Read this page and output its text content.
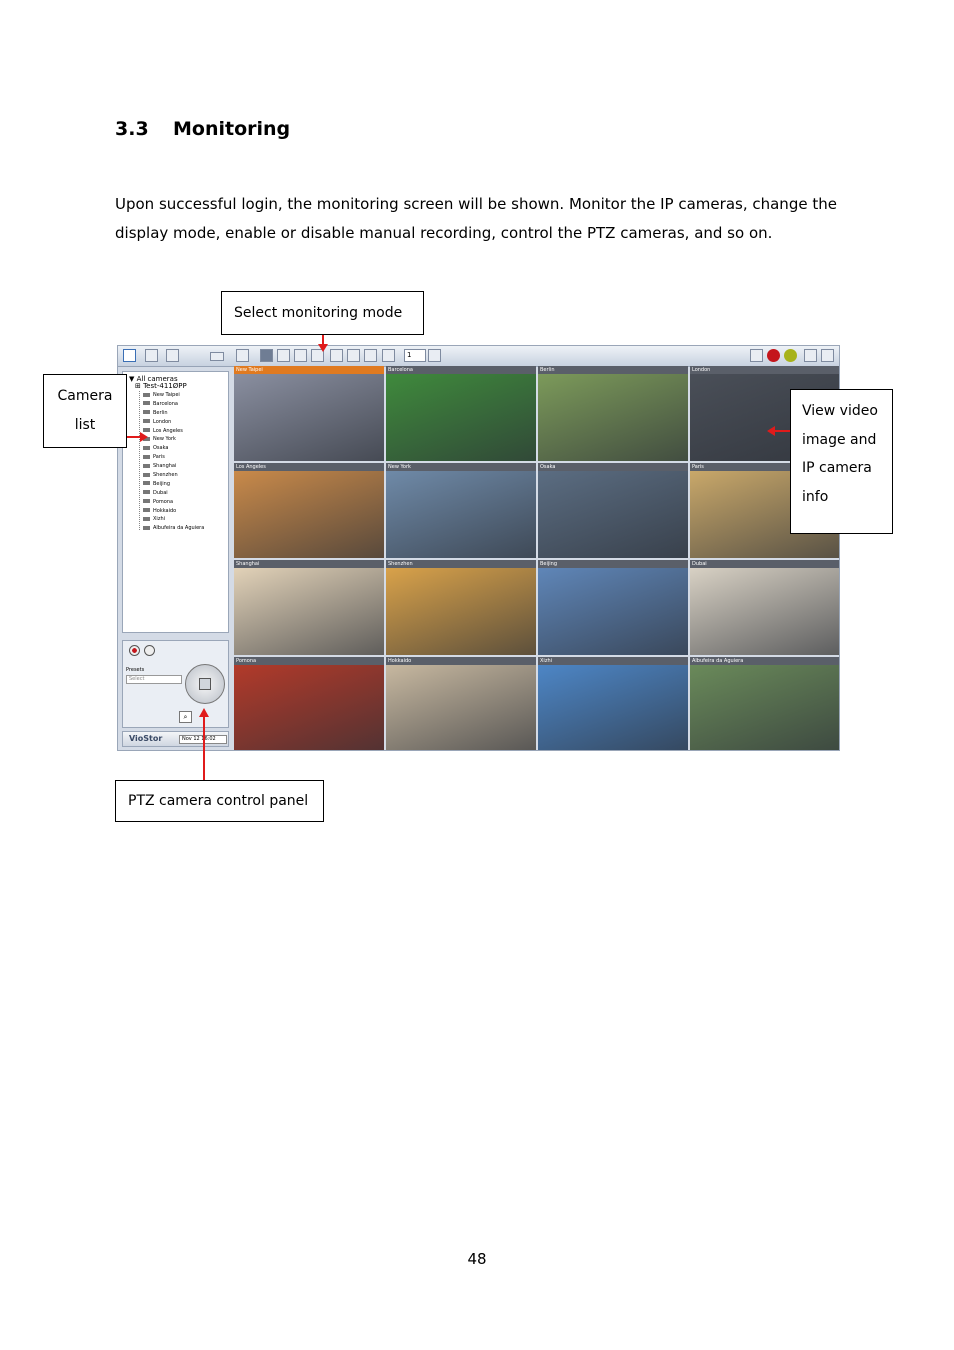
3.3 Monitoring
Upon successful login, the monitoring screen will be shown. Monitor the IP cameras, change the display mode, enable or disable manual recording, control the PTZ cameras, and so on.
Select monitoring mode
1
▼ All cameras
⊞ Test-411ØPP
New Taipei
Barcelona
Berlin
London
Los Angeles
New York
Osaka
Paris
Shanghai
Shenzhen
Beijing
Dubai
Pomona
Hokkaido
Xizhi
Albufeira da Aguiera
Presets
Select
⌕
VioStor	Nov 12 16:02
New Taipei	Barcelona	Berlin	London
Los Angeles	New York	Osaka	Paris
Shanghai	Shenzhen	Beijing	Dubai
Pomona	Hokkaido	Xizhi	Albufeira da Aguiera
Camera
list
View video
image and
IP camera
info
PTZ camera control panel
48
